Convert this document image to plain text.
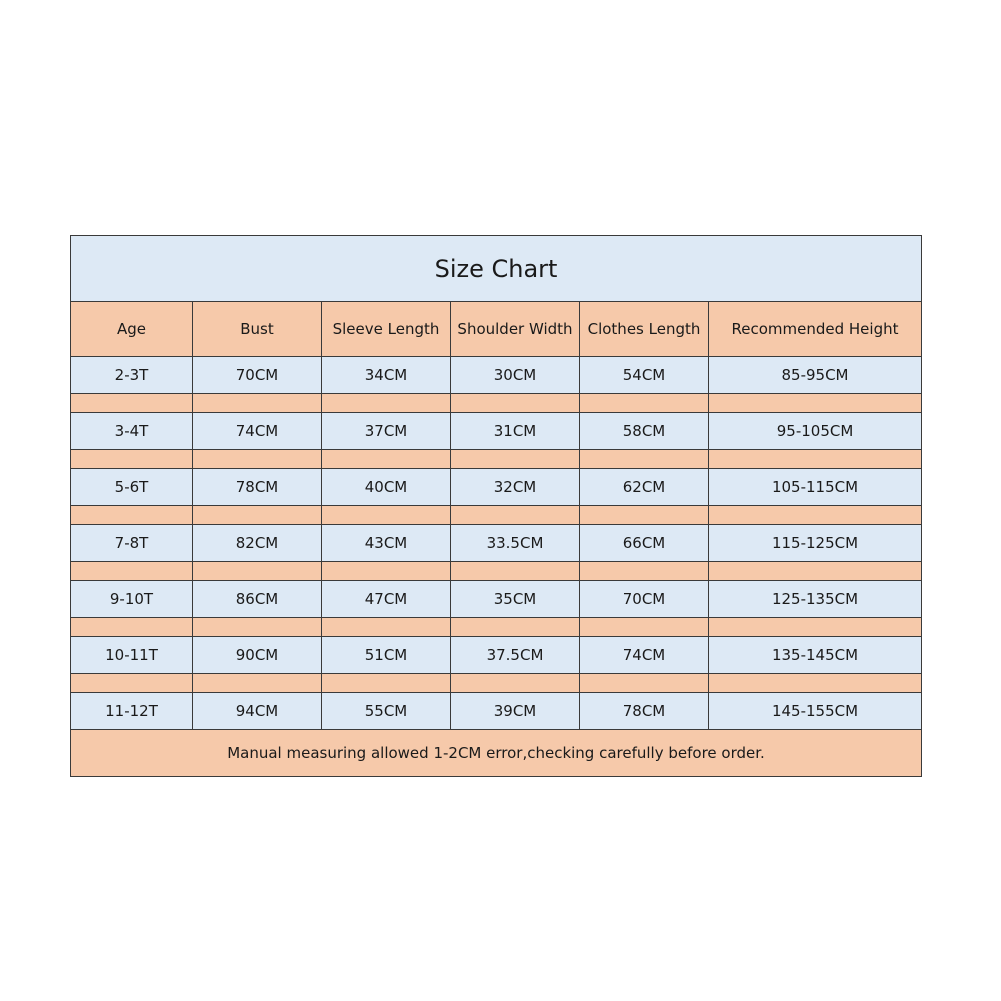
Size Chart					
Age	Bust	Sleeve Length	Shoulder Width	Clothes Length	Recommended Height
2-3T	70CM	34CM	30CM	54CM	85-95CM

3-4T	74CM	37CM	31CM	58CM	95-105CM

5-6T	78CM	40CM	32CM	62CM	105-115CM

7-8T	82CM	43CM	33.5CM	66CM	115-125CM

9-10T	86CM	47CM	35CM	70CM	125-135CM

10-11T	90CM	51CM	37.5CM	74CM	135-145CM

11-12T	94CM	55CM	39CM	78CM	145-155CM
Manual measuring allowed 1-2CM error,checking carefully before order.					
